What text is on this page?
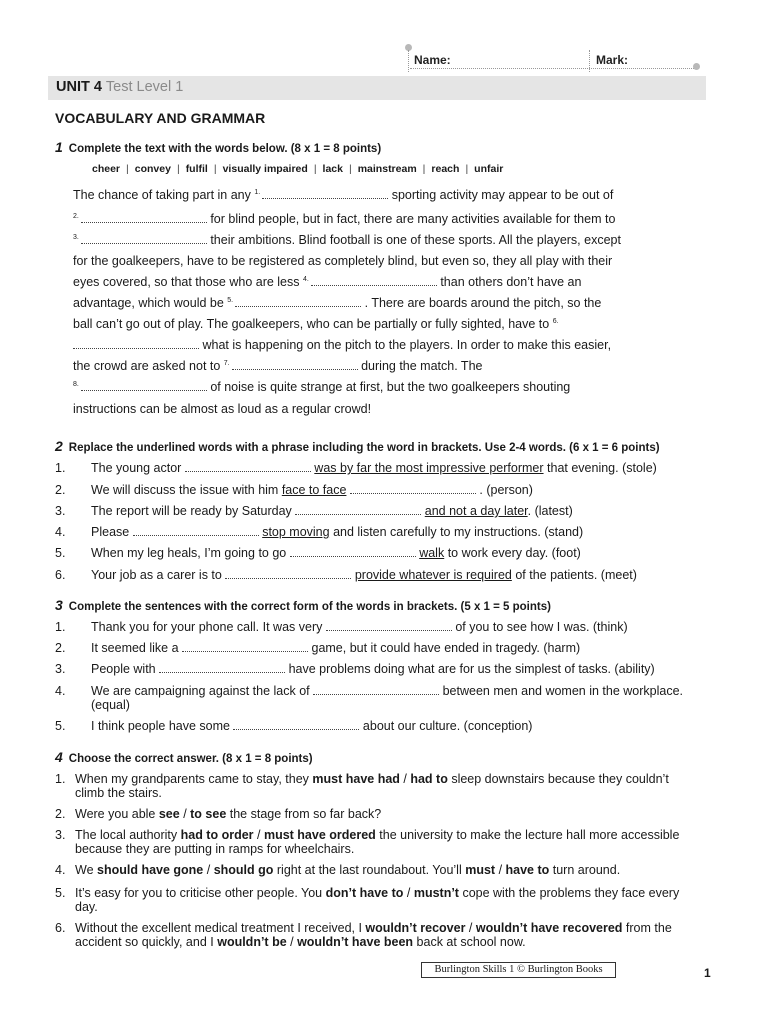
Name:	Mark:
UNIT 4 Test Level 1
VOCABULARY AND GRAMMAR
1 Complete the text with the words below. (8 x 1 = 8 points)
cheer | convey | fulfil | visually impaired | lack | mainstream | reach | unfair
The chance of taking part in any $^{1.}$	sporting activity may appear to be out of
$^{2.}$	for blind people, but in fact, there are many activities available for them to
$^{3.}$	their ambitions. Blind football is one of these sports. All the players, except
for the goalkeepers, have to be registered as completely blind, but even so, they all play with their
eyes covered, so that those who are less $^{4.}$	than others don’t have an
advantage, which would be $^{5.}$	. There are boards around the pitch, so the
ball can’t go out of play. The goalkeepers, who can be partially or fully sighted, have to $^{6.}$
what is happening on the pitch to the players. In order to make this easier,
the crowd are asked not to $^{7.}$	during the match. The
$^{8.}$	of noise is quite strange at first, but the two goalkeepers shouting
instructions can be almost as loud as a regular crowd!
2 Replace the underlined words with a phrase including the word in brackets. Use 2-4 words. (6 x 1 = 6 points)
1. The young actor	was by far the most impressive performer that evening. (stole)
2. We will discuss the issue with him face to face	. (person)
3. The report will be ready by Saturday	and not a day later. (latest)
4. Please	stop moving and listen carefully to my instructions. (stand)
5. When my leg heals, I’m going to go	walk to work every day. (foot)
6. Your job as a carer is to	provide whatever is required of the patients. (meet)
3 Complete the sentences with the correct form of the words in brackets. (5 x 1 = 5 points)
1. Thank you for your phone call. It was very	of you to see how I was. (think)
2. It seemed like a	game, but it could have ended in tragedy. (harm)
3. People with	have problems doing what are for us the simplest of tasks. (ability)
4. We are campaigning against the lack of	between men and women in the workplace.
(equal)
5. I think people have some	about our culture. (conception)
4 Choose the correct answer. (8 x 1 = 8 points)
1. When my grandparents came to stay, they must have had / had to sleep downstairs because they couldn’t
climb the stairs.
2. Were you able see / to see the stage from so far back?
3. The local authority had to order / must have ordered the university to make the lecture hall more accessible
because they are putting in ramps for wheelchairs.
4. We should have gone / should go right at the last roundabout. You’ll must / have to turn around.
5. It’s easy for you to criticise other people. You don’t have to / mustn’t cope with the problems they face every
day.
6. Without the excellent medical treatment I received, I wouldn’t recover / wouldn’t have recovered from the
accident so quickly, and I wouldn’t be / wouldn’t have been back at school now.
Burlington Skills 1 © Burlington Books	1
